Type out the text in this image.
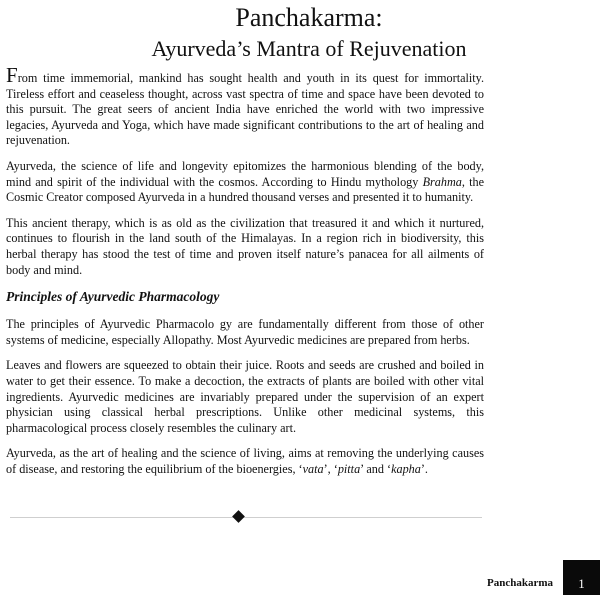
Panchakarma:
Ayurveda’s Mantra of Rejuvenation

From time immemorial, mankind has sought health and youth in its quest for immortality. Tireless effort and ceaseless thought, across vast spectra of time and space have been devoted to this pursuit. The great seers of ancient India have enriched the world with two impressive legacies, Ayurveda and Yoga, which have made significant contributions to the art of healing and rejuvenation.

Ayurveda, the science of life and longevity epitomizes the harmonious blending of the body, mind and spirit of the individual with the cosmos. According to Hindu mythology Brahma, the Cosmic Creator composed Ayurveda in a hundred thousand verses and presented it to humanity.

This ancient therapy, which is as old as the civilization that treasured it and which it nurtured, continues to flourish in the land south of the Himalayas. In a region rich in biodiversity, this herbal therapy has stood the test of time and proven itself nature’s panacea for all ailments of body and mind.

Principles of Ayurvedic Pharmacology

The principles of Ayurvedic Pharmacolo gy are fundamentally different from those of other systems of medicine, especially Allopathy. Most Ayurvedic medicines are prepared from herbs.

Leaves and flowers are squeezed to obtain their juice. Roots and seeds are crushed and boiled in water to get their essence. To make a decoction, the extracts of plants are boiled with other vital ingredients. Ayurvedic medicines are invariably prepared under the supervision of an expert physician using classical herbal prescriptions. Unlike other medicinal systems, this pharmacological process closely resembles the culinary art.

Ayurveda, as the art of healing and the science of living, aims at removing the underlying causes of disease, and restoring the equilibrium of the bioenergies, ‘vata’, ‘pitta’ and ‘kapha’.

Panchakarma	1
